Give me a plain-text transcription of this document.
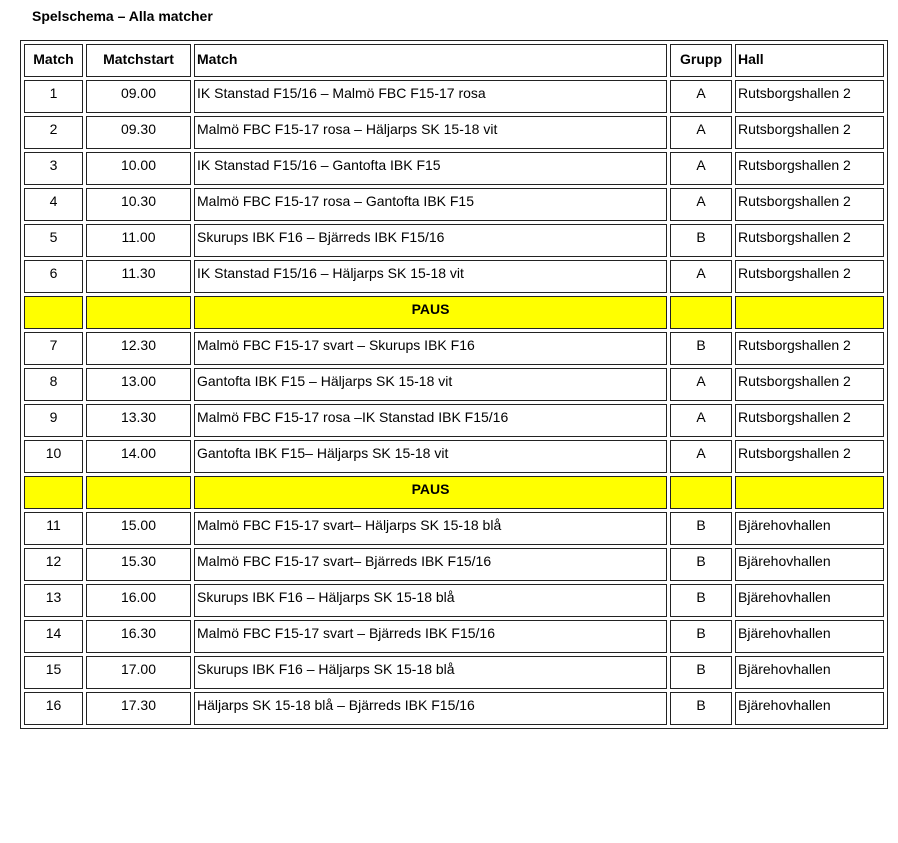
Spelschema – Alla matcher
Match	Matchstart	Match	Grupp	Hall
1	09.00	IK Stanstad F15/16 – Malmö FBC F15-17 rosa	A	Rutsborgshallen 2
2	09.30	Malmö FBC F15-17 rosa – Häljarps SK 15-18 vit	A	Rutsborgshallen 2
3	10.00	IK Stanstad F15/16 – Gantofta IBK F15	A	Rutsborgshallen 2
4	10.30	Malmö FBC F15-17 rosa – Gantofta IBK F15	A	Rutsborgshallen 2
5	11.00	Skurups IBK F16 – Bjärreds IBK F15/16	B	Rutsborgshallen 2
6	11.30	IK Stanstad F15/16 – Häljarps SK 15-18 vit	A	Rutsborgshallen 2
		PAUS		
7	12.30	Malmö FBC F15-17 svart – Skurups IBK F16	B	Rutsborgshallen 2
8	13.00	Gantofta IBK F15 – Häljarps SK 15-18 vit	A	Rutsborgshallen 2
9	13.30	Malmö FBC F15-17 rosa –IK Stanstad IBK F15/16	A	Rutsborgshallen 2
10	14.00	Gantofta IBK F15– Häljarps SK 15-18 vit	A	Rutsborgshallen 2
		PAUS		
11	15.00	Malmö FBC F15-17 svart– Häljarps SK 15-18 blå	B	Bjärehovhallen
12	15.30	Malmö FBC F15-17 svart– Bjärreds IBK F15/16	B	Bjärehovhallen
13	16.00	Skurups IBK F16 – Häljarps SK 15-18 blå	B	Bjärehovhallen
14	16.30	Malmö FBC F15-17 svart – Bjärreds IBK F15/16	B	Bjärehovhallen
15	17.00	Skurups IBK F16 – Häljarps SK 15-18 blå	B	Bjärehovhallen
16	17.30	Häljarps SK 15-18 blå – Bjärreds IBK F15/16	B	Bjärehovhallen
